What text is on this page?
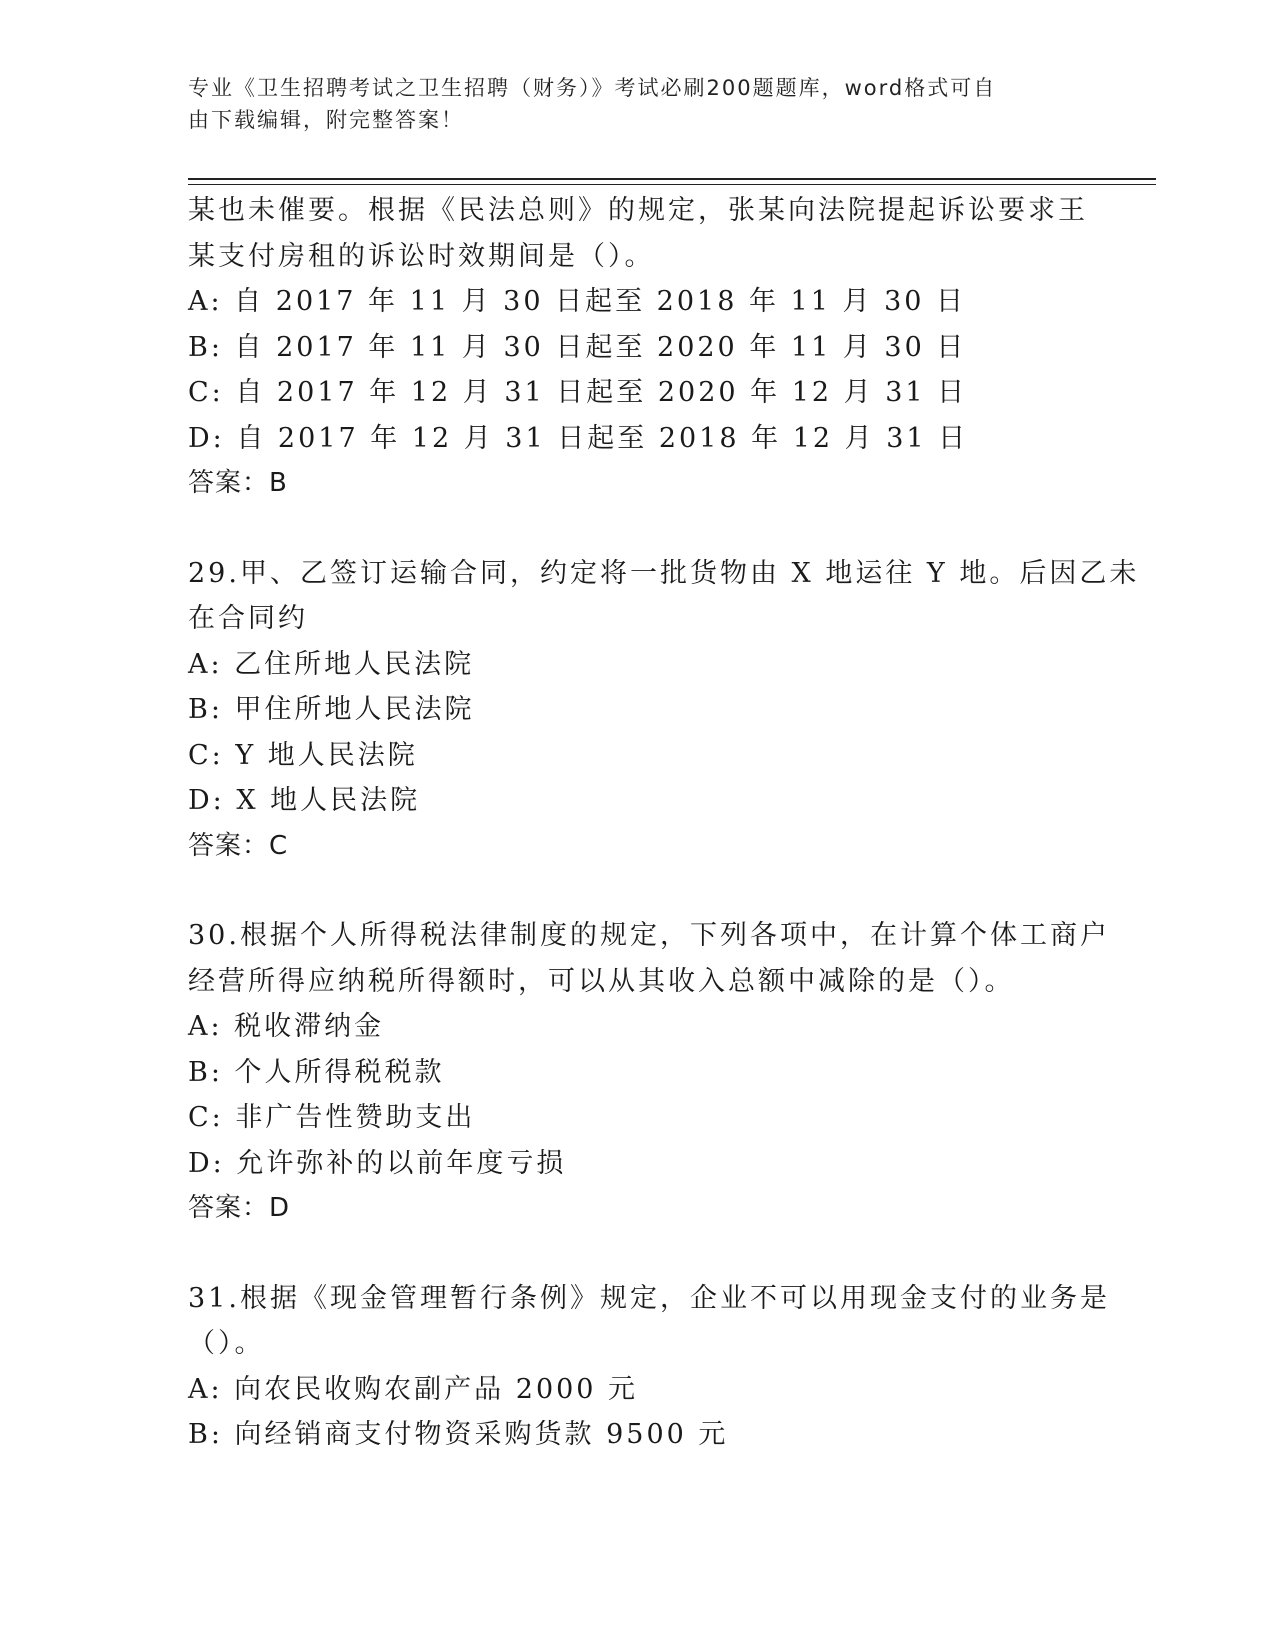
专业《卫生招聘考试之卫生招聘（财务）》考试必刷200题题库，word格式可自
由下载编辑，附完整答案！
某也未催要。根据《民法总则》的规定，张某向法院提起诉讼要求王
某支付房租的诉讼时效期间是（）。
A: 自 2017 年 11 月 30 日起至 2018 年 11 月 30 日
B: 自 2017 年 11 月 30 日起至 2020 年 11 月 30 日
C: 自 2017 年 12 月 31 日起至 2020 年 12 月 31 日
D: 自 2017 年 12 月 31 日起至 2018 年 12 月 31 日
答案：B
29.甲、乙签订运输合同，约定将一批货物由 X 地运往 Y 地。后因乙未
在合同约
A: 乙住所地人民法院
B: 甲住所地人民法院
C: Y 地人民法院
D: X 地人民法院
答案：C
30.根据个人所得税法律制度的规定，下列各项中，在计算个体工商户
经营所得应纳税所得额时，可以从其收入总额中减除的是（）。
A: 税收滞纳金
B: 个人所得税税款
C: 非广告性赞助支出
D: 允许弥补的以前年度亏损
答案：D
31.根据《现金管理暂行条例》规定，企业不可以用现金支付的业务是
（）。
A: 向农民收购农副产品 2000 元
B: 向经销商支付物资采购货款 9500 元
